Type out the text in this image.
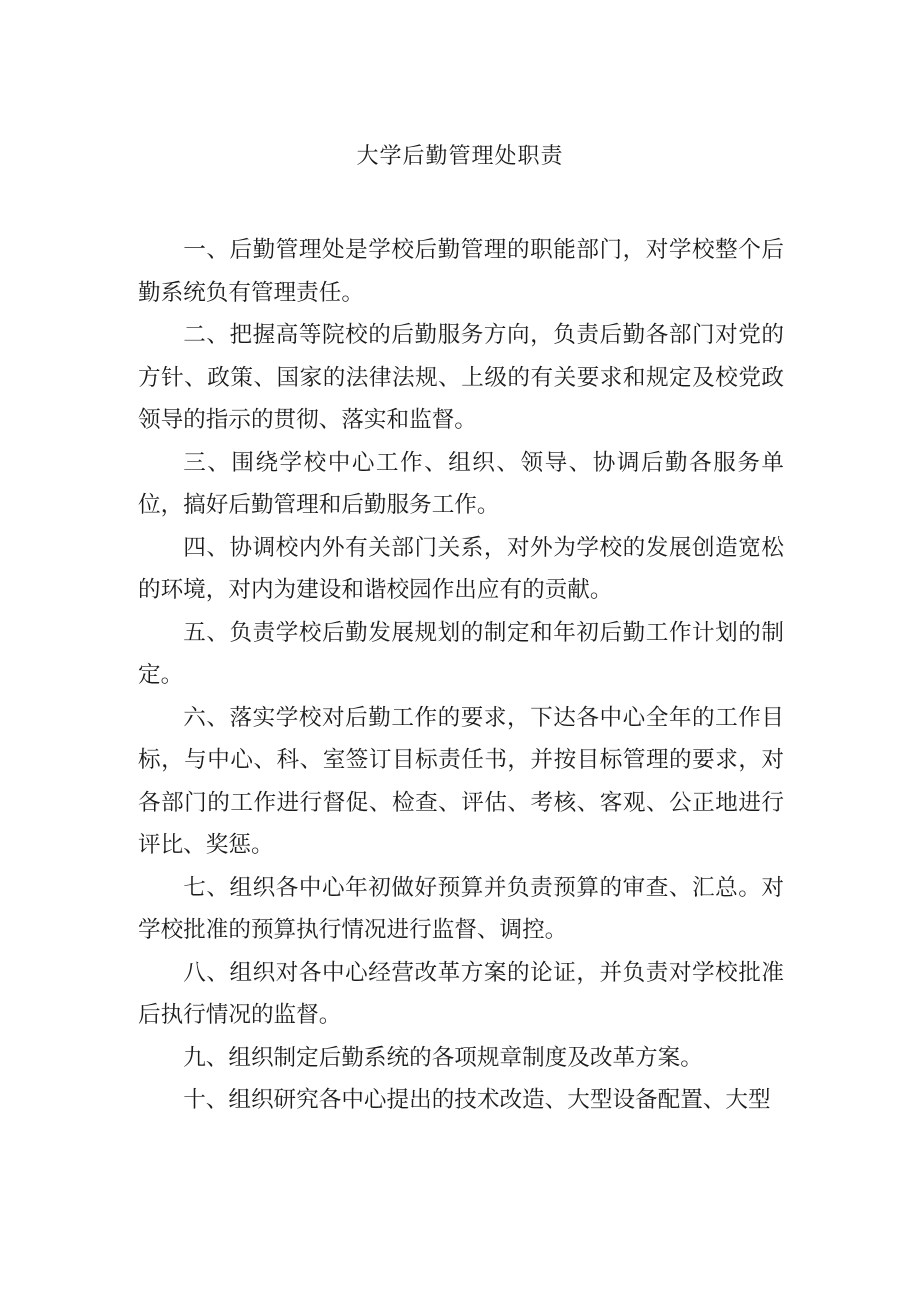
大学后勤管理处职责

一、后勤管理处是学校后勤管理的职能部门，对学校整个后勤系统负有管理责任。

二、把握高等院校的后勤服务方向，负责后勤各部门对党的方针、政策、国家的法律法规、上级的有关要求和规定及校党政领导的指示的贯彻、落实和监督。

三、围绕学校中心工作、组织、领导、协调后勤各服务单位，搞好后勤管理和后勤服务工作。

四、协调校内外有关部门关系，对外为学校的发展创造宽松的环境，对内为建设和谐校园作出应有的贡献。

五、负责学校后勤发展规划的制定和年初后勤工作计划的制定。

六、落实学校对后勤工作的要求，下达各中心全年的工作目标，与中心、科、室签订目标责任书，并按目标管理的要求，对各部门的工作进行督促、检查、评估、考核、客观、公正地进行评比、奖惩。

七、组织各中心年初做好预算并负责预算的审查、汇总。对学校批准的预算执行情况进行监督、调控。

八、组织对各中心经营改革方案的论证，并负责对学校批准后执行情况的监督。

九、组织制定后勤系统的各项规章制度及改革方案。

十、组织研究各中心提出的技术改造、大型设备配置、大型
